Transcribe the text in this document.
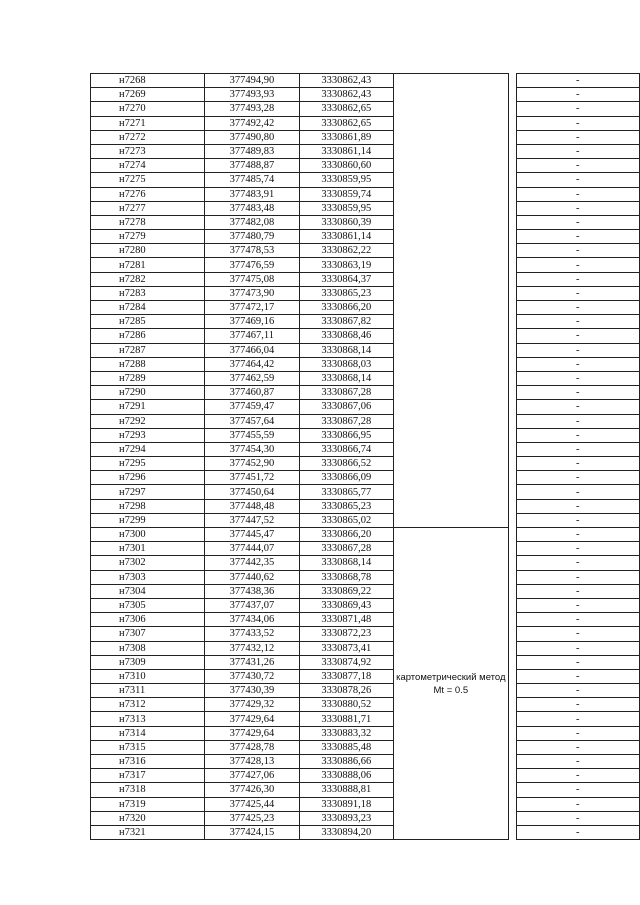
н7268	377494,90	3330862,43			-
н7269	377493,93	3330862,43			-
н7270	377493,28	3330862,65			-
н7271	377492,42	3330862,65			-
н7272	377490,80	3330861,89			-
н7273	377489,83	3330861,14			-
н7274	377488,87	3330860,60			-
н7275	377485,74	3330859,95			-
н7276	377483,91	3330859,74			-
н7277	377483,48	3330859,95			-
н7278	377482,08	3330860,39			-
н7279	377480,79	3330861,14			-
н7280	377478,53	3330862,22			-
н7281	377476,59	3330863,19			-
н7282	377475,08	3330864,37			-
н7283	377473,90	3330865,23			-
н7284	377472,17	3330866,20			-
н7285	377469,16	3330867,82			-
н7286	377467,11	3330868,46			-
н7287	377466,04	3330868,14			-
н7288	377464,42	3330868,03			-
н7289	377462,59	3330868,14			-
н7290	377460,87	3330867,28			-
н7291	377459,47	3330867,06			-
н7292	377457,64	3330867,28			-
н7293	377455,59	3330866,95			-
н7294	377454,30	3330866,74			-
н7295	377452,90	3330866,52			-
н7296	377451,72	3330866,09			-
н7297	377450,64	3330865,77			-
н7298	377448,48	3330865,23			-
н7299	377447,52	3330865,02			-
н7300	377445,47	3330866,20	картометрический метод Mt = 0.5		-
н7301	377444,07	3330867,28			-
н7302	377442,35	3330868,14			-
н7303	377440,62	3330868,78			-
н7304	377438,36	3330869,22			-
н7305	377437,07	3330869,43			-
н7306	377434,06	3330871,48			-
н7307	377433,52	3330872,23			-
н7308	377432,12	3330873,41			-
н7309	377431,26	3330874,92			-
н7310	377430,72	3330877,18			-
н7311	377430,39	3330878,26			-
н7312	377429,32	3330880,52			-
н7313	377429,64	3330881,71			-
н7314	377429,64	3330883,32			-
н7315	377428,78	3330885,48			-
н7316	377428,13	3330886,66			-
н7317	377427,06	3330888,06			-
н7318	377426,30	3330888,81			-
н7319	377425,44	3330891,18			-
н7320	377425,23	3330893,23			-
н7321	377424,15	3330894,20			-
